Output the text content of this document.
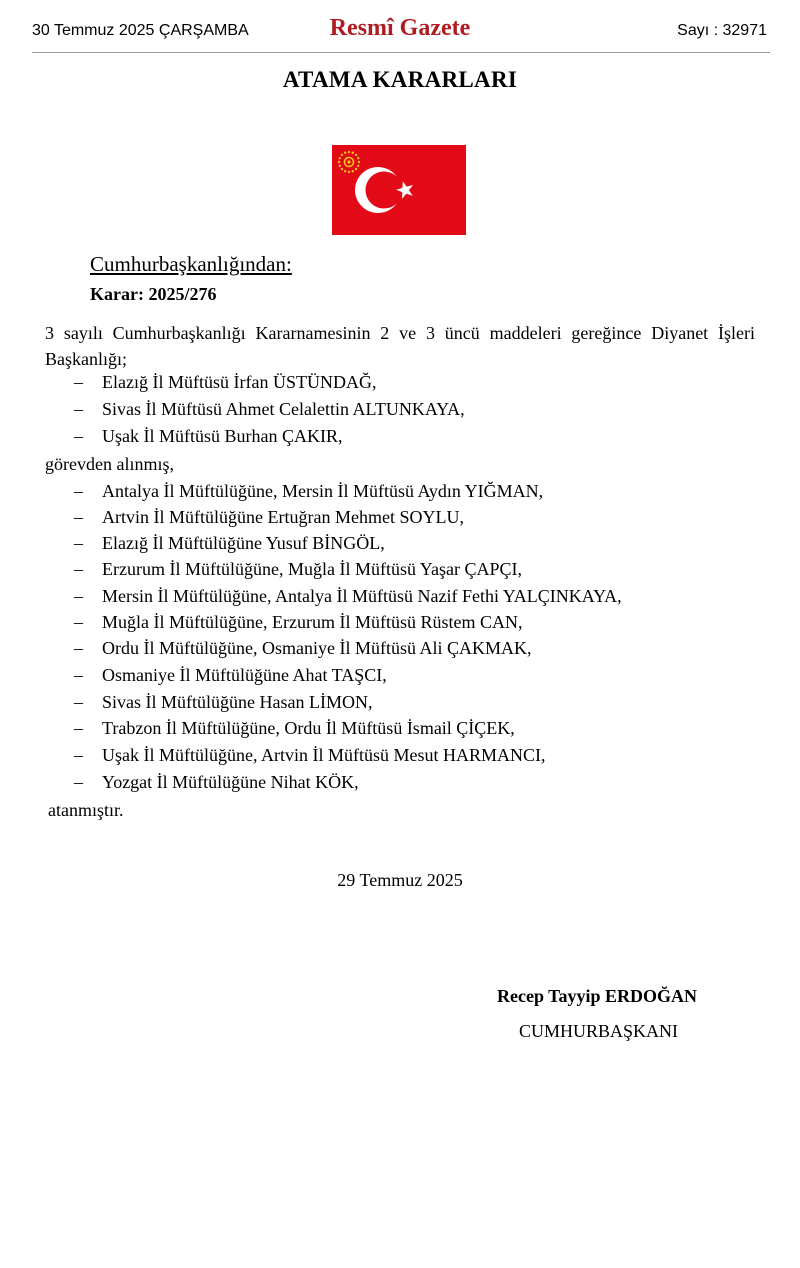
30 Temmuz 2025 ÇARŞAMBA	Resmî Gazete	Sayı : 32971
ATAMA KARARLARI
Cumhurbaşkanlığından:
Karar: 2025/276
3 sayılı Cumhurbaşkanlığı Kararnamesinin 2 ve 3 üncü maddeleri gereğince Diyanet İşleri Başkanlığı;
– Elazığ İl Müftüsü İrfan ÜSTÜNDAĞ,
– Sivas İl Müftüsü Ahmet Celalettin ALTUNKAYA,
– Uşak İl Müftüsü Burhan ÇAKIR,
görevden alınmış,
– Antalya İl Müftülüğüne, Mersin İl Müftüsü Aydın YIĞMAN,
– Artvin İl Müftülüğüne Ertuğran Mehmet SOYLU,
– Elazığ İl Müftülüğüne Yusuf BİNGÖL,
– Erzurum İl Müftülüğüne, Muğla İl Müftüsü Yaşar ÇAPÇI,
– Mersin İl Müftülüğüne, Antalya İl Müftüsü Nazif Fethi YALÇINKAYA,
– Muğla İl Müftülüğüne, Erzurum İl Müftüsü Rüstem CAN,
– Ordu İl Müftülüğüne, Osmaniye İl Müftüsü Ali ÇAKMAK,
– Osmaniye İl Müftülüğüne Ahat TAŞCI,
– Sivas İl Müftülüğüne Hasan LİMON,
– Trabzon İl Müftülüğüne, Ordu İl Müftüsü İsmail ÇİÇEK,
– Uşak İl Müftülüğüne, Artvin İl Müftüsü Mesut HARMANCI,
– Yozgat İl Müftülüğüne Nihat KÖK,
atanmıştır.
29 Temmuz 2025
Recep Tayyip ERDOĞAN
CUMHURBAŞKANI
